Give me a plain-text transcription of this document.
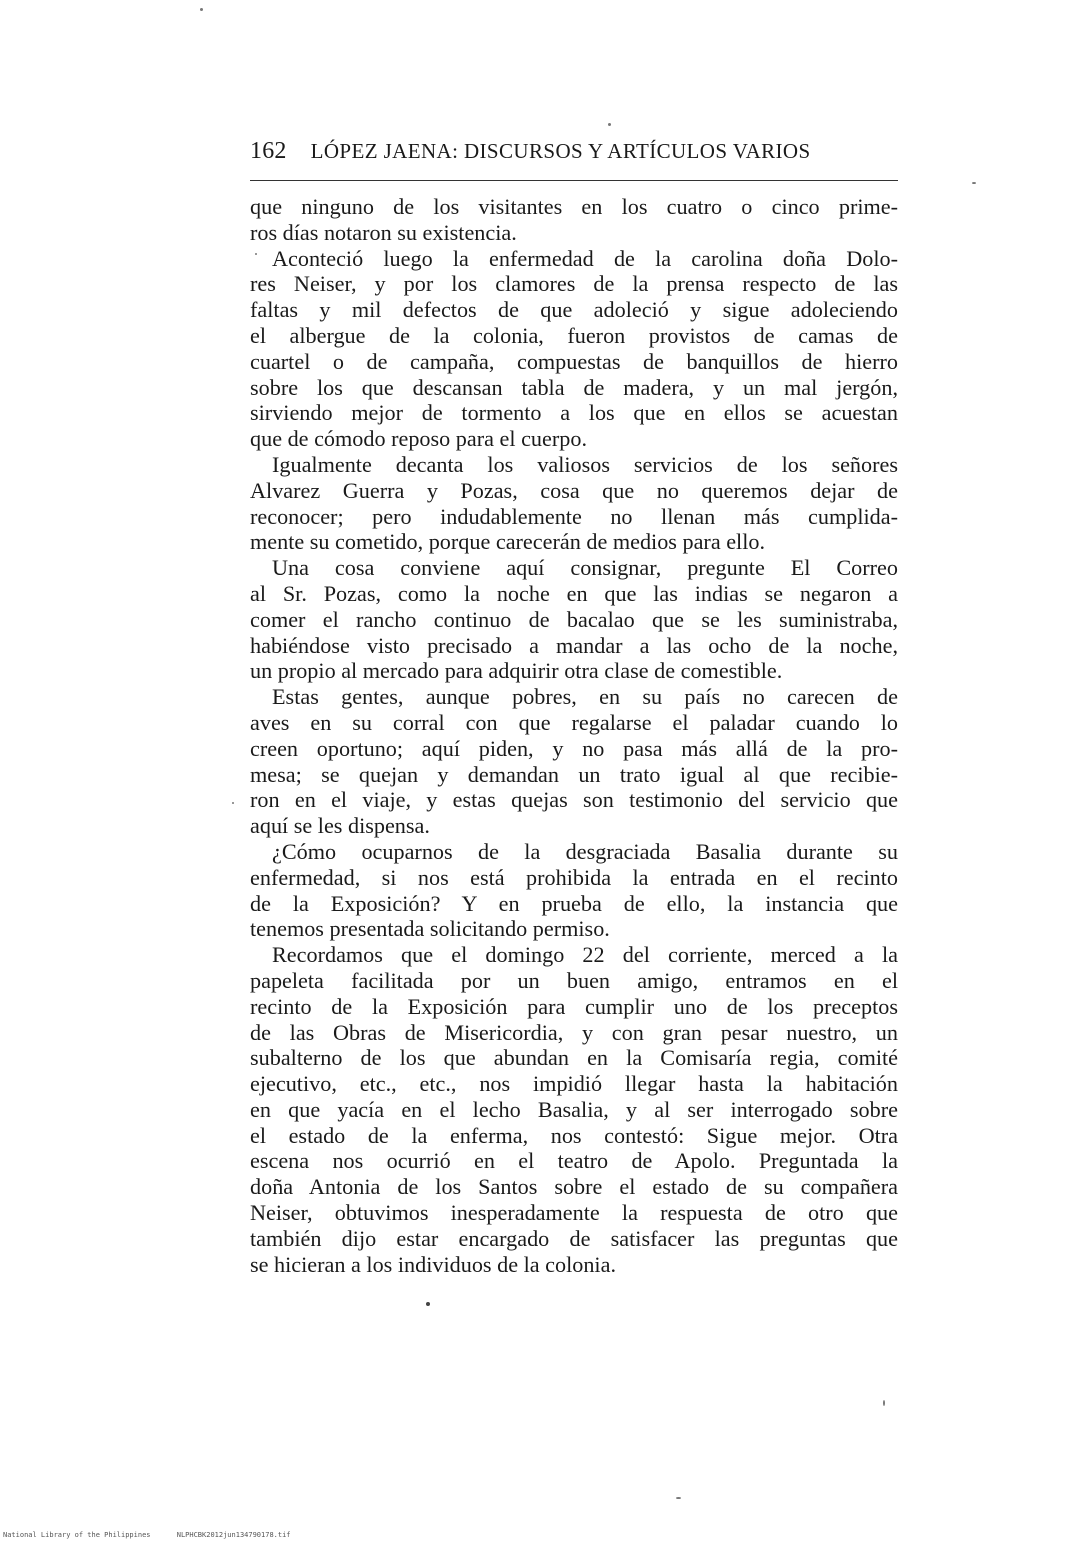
162 LÓPEZ JAENA: DISCURSOS Y ARTÍCULOS VARIOS
que ninguno de los visitantes en los cuatro o cinco prime-
ros días notaron su existencia.
Aconteció luego la enfermedad de la carolina doña Dolo-
res Neiser, y por los clamores de la prensa respecto de las
faltas y mil defectos de que adoleció y sigue adoleciendo
el albergue de la colonia, fueron provistos de camas de
cuartel o de campaña, compuestas de banquillos de hierro
sobre los que descansan tabla de madera, y un mal jergón,
sirviendo mejor de tormento a los que en ellos se acuestan
que de cómodo reposo para el cuerpo.
Igualmente decanta los valiosos servicios de los señores
Alvarez Guerra y Pozas, cosa que no queremos dejar de
reconocer; pero indudablemente no llenan más cumplida-
mente su cometido, porque carecerán de medios para ello.
Una cosa conviene aquí consignar, pregunte El Correo
al Sr. Pozas, como la noche en que las indias se negaron a
comer el rancho continuo de bacalao que se les suministraba,
habiéndose visto precisado a mandar a las ocho de la noche,
un propio al mercado para adquirir otra clase de comestible.
Estas gentes, aunque pobres, en su país no carecen de
aves en su corral con que regalarse el paladar cuando lo
creen oportuno; aquí piden, y no pasa más allá de la pro-
mesa; se quejan y demandan un trato igual al que recibie-
ron en el viaje, y estas quejas son testimonio del servicio que
aquí se les dispensa.
¿Cómo ocuparnos de la desgraciada Basalia durante su
enfermedad, si nos está prohibida la entrada en el recinto
de la Exposición? Y en prueba de ello, la instancia que
tenemos presentada solicitando permiso.
Recordamos que el domingo 22 del corriente, merced a la
papeleta facilitada por un buen amigo, entramos en el
recinto de la Exposición para cumplir uno de los preceptos
de las Obras de Misericordia, y con gran pesar nuestro, un
subalterno de los que abundan en la Comisaría regia, comité
ejecutivo, etc., etc., nos impidió llegar hasta la habitación
en que yacía en el lecho Basalia, y al ser interrogado sobre
el estado de la enferma, nos contestó: Sigue mejor. Otra
escena nos ocurrió en el teatro de Apolo. Preguntada la
doña Antonia de los Santos sobre el estado de su compañera
Neiser, obtuvimos inesperadamente la respuesta de otro que
también dijo estar encargado de satisfacer las preguntas que
se hicieran a los individuos de la colonia.
National Library of the Philippines	NLPHCBK2012jun134790178.tif
